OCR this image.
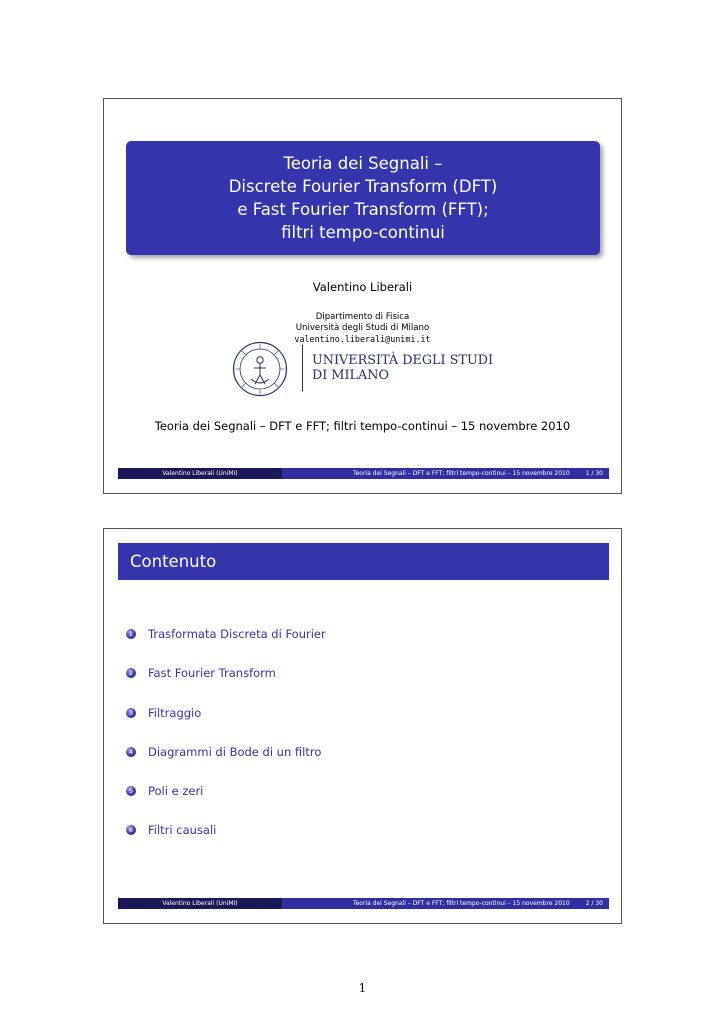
Teoria dei Segnali –
Discrete Fourier Transform (DFT)
e Fast Fourier Transform (FFT);
filtri tempo-continui
Valentino Liberali
Dipartimento di Fisica
Università degli Studi di Milano
valentino.liberali@unimi.it
UNIVERSITÀ DEGLI STUDI
DI MILANO
Teoria dei Segnali – DFT e FFT; filtri tempo-continui – 15 novembre 2010
Valentino Liberali (UniMI)	Teoria dei Segnali – DFT e FFT; filtri tempo-continui – 15 novembre 2010	1 / 30
Contenuto
1 Trasformata Discreta di Fourier
2 Fast Fourier Transform
3 Filtraggio
4 Diagrammi di Bode di un filtro
5 Poli e zeri
6 Filtri causali
Valentino Liberali (UniMI)	Teoria dei Segnali – DFT e FFT; filtri tempo-continui – 15 novembre 2010	2 / 30
1
